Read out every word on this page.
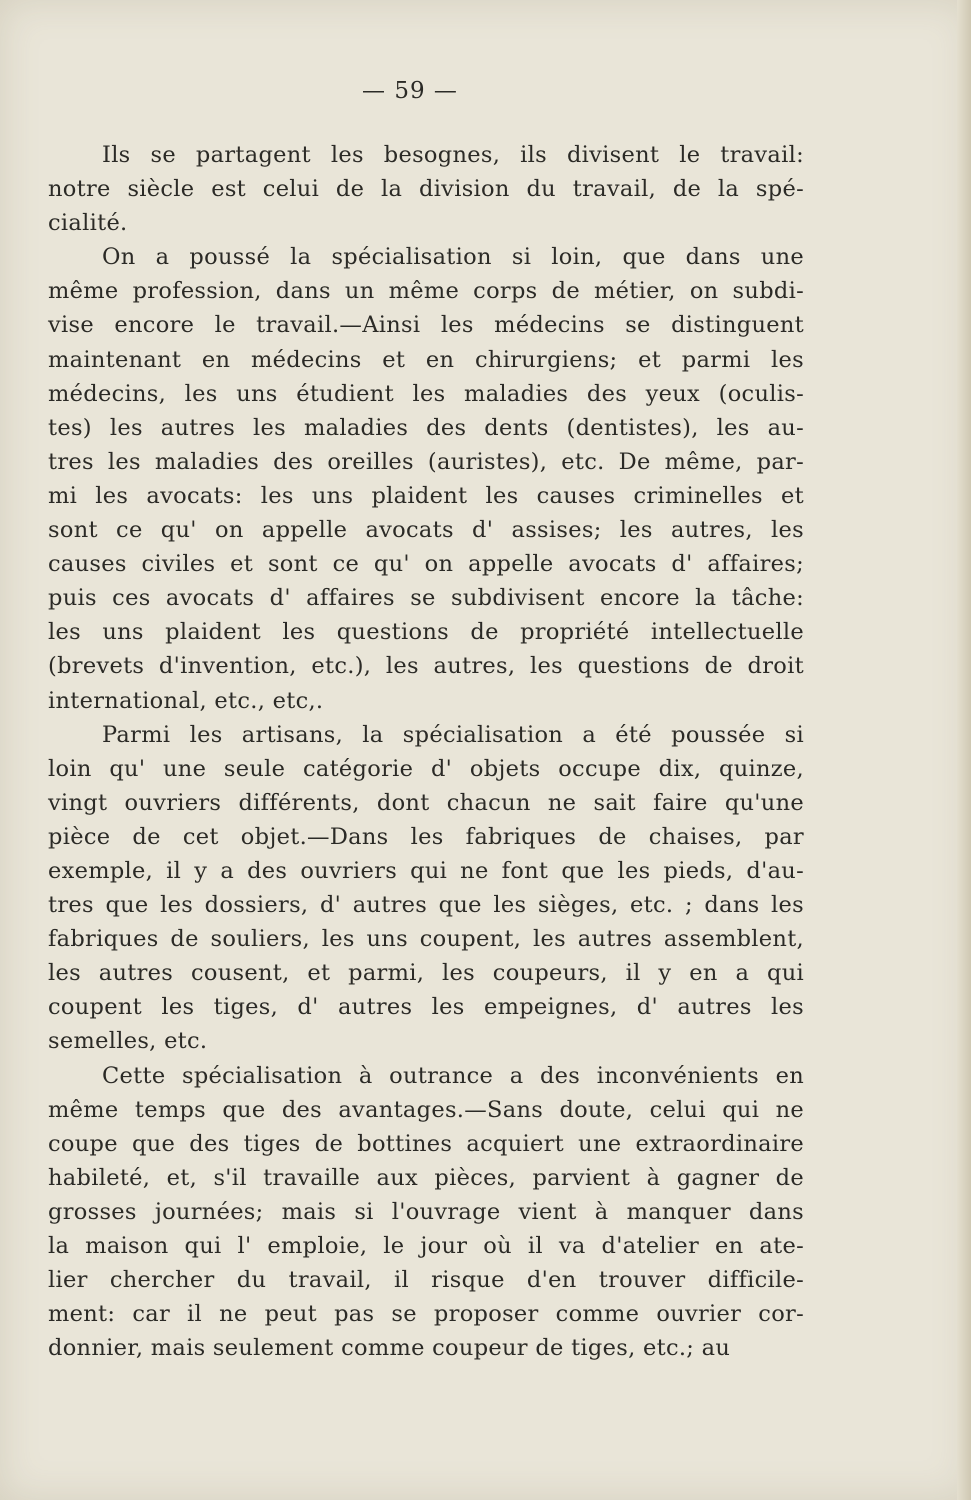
— 59 —
Ils se partagent les besognes, ils divisent le travail:
notre siècle est celui de la division du travail, de la spé-
cialité.
On a poussé la spécialisation si loin, que dans une
même profession, dans un même corps de métier, on subdi-
vise encore le travail.—Ainsi les médecins se distinguent
maintenant en médecins et en chirurgiens; et parmi les
médecins, les uns étudient les maladies des yeux (oculis-
tes) les autres les maladies des dents (dentistes), les au-
tres les maladies des oreilles (auristes), etc. De même, par-
mi les avocats: les uns plaident les causes criminelles et
sont ce qu' on appelle avocats d' assises; les autres, les
causes civiles et sont ce qu' on appelle avocats d' affaires;
puis ces avocats d' affaires se subdivisent encore la tâche:
les uns plaident les questions de propriété intellectuelle
(brevets d'invention, etc.), les autres, les questions de droit
international, etc., etc,.
Parmi les artisans, la spécialisation a été poussée si
loin qu' une seule catégorie d' objets occupe dix, quinze,
vingt ouvriers différents, dont chacun ne sait faire qu'une
pièce de cet objet.—Dans les fabriques de chaises, par
exemple, il y a des ouvriers qui ne font que les pieds, d'au-
tres que les dossiers, d' autres que les sièges, etc. ; dans les
fabriques de souliers, les uns coupent, les autres assemblent,
les autres cousent, et parmi, les coupeurs, il y en a qui
coupent les tiges, d' autres les empeignes, d' autres les
semelles, etc.
Cette spécialisation à outrance a des inconvénients en
même temps que des avantages.—Sans doute, celui qui ne
coupe que des tiges de bottines acquiert une extraordinaire
habileté, et, s'il travaille aux pièces, parvient à gagner de
grosses journées; mais si l'ouvrage vient à manquer dans
la maison qui l' emploie, le jour où il va d'atelier en ate-
lier chercher du travail, il risque d'en trouver difficile-
ment: car il ne peut pas se proposer comme ouvrier cor-
donnier, mais seulement comme coupeur de tiges, etc.; au
